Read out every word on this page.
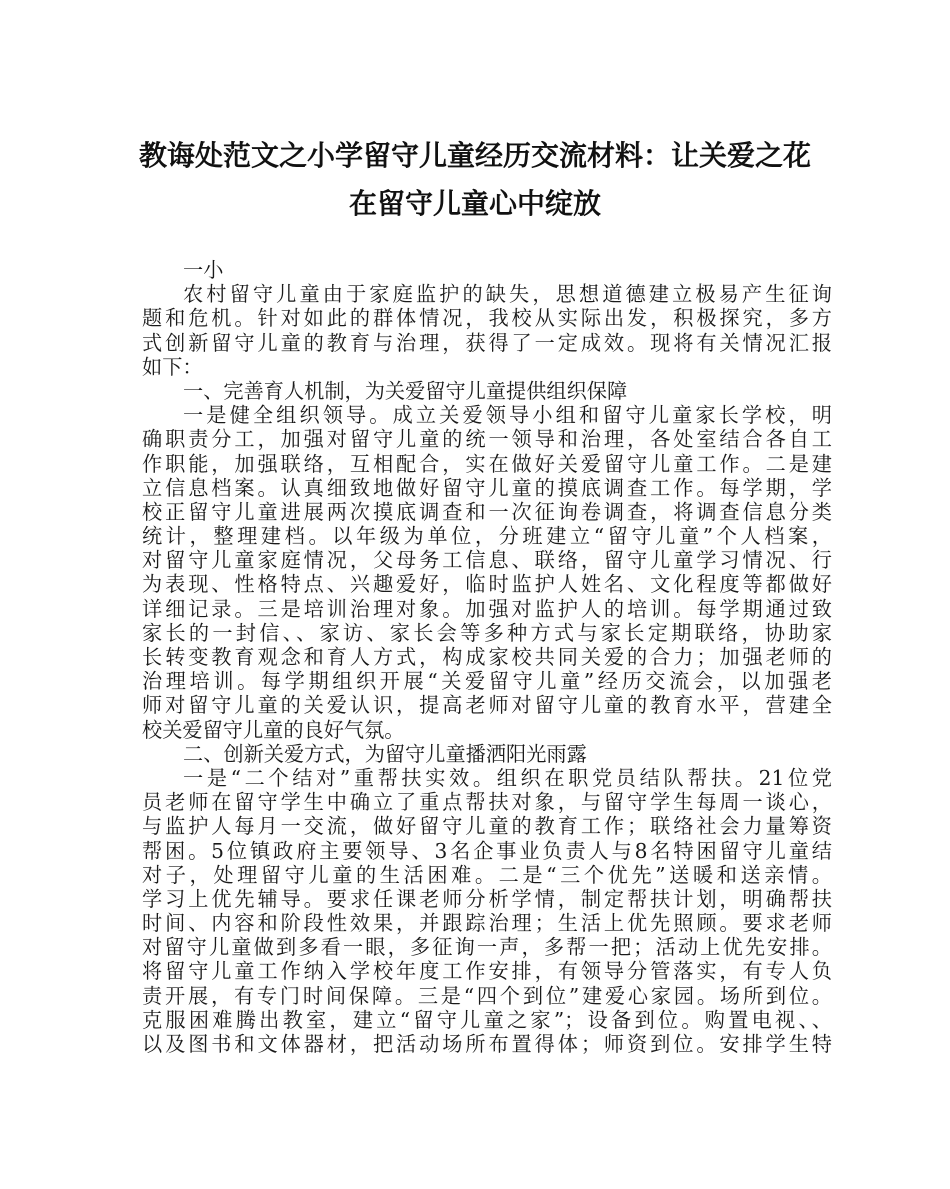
教诲处范文之小学留守儿童经历交流材料：让关爱之花
在留守儿童心中绽放
一小
农村留守儿童由于家庭监护的缺失，思想道德建立极易产生征询
题和危机。针对如此的群体情况，我校从实际出发，积极探究，多方
式创新留守儿童的教育与治理，获得了一定成效。现将有关情况汇报
如下：
一、完善育人机制，为关爱留守儿童提供组织保障
一是健全组织领导。成立关爱领导小组和留守儿童家长学校，明
确职责分工，加强对留守儿童的统一领导和治理，各处室结合各自工
作职能，加强联络，互相配合，实在做好关爱留守儿童工作。二是建
立信息档案。认真细致地做好留守儿童的摸底调查工作。每学期，学
校正留守儿童进展两次摸底调查和一次征询卷调查，将调查信息分类
统计，整理建档。以年级为单位，分班建立“留守儿童”个人档案，
对留守儿童家庭情况，父母务工信息、联络，留守儿童学习情况、行
为表现、性格特点、兴趣爱好，临时监护人姓名、文化程度等都做好
详细记录。三是培训治理对象。加强对监护人的培训。每学期通过致
家长的一封信、、家访、家长会等多种方式与家长定期联络，协助家
长转变教育观念和育人方式，构成家校共同关爱的合力；加强老师的
治理培训。每学期组织开展“关爱留守儿童”经历交流会，以加强老
师对留守儿童的关爱认识，提高老师对留守儿童的教育水平，营建全
校关爱留守儿童的良好气氛。
二、创新关爱方式，为留守儿童播洒阳光雨露
一是“二个结对”重帮扶实效。组织在职党员结队帮扶。21位党
员老师在留守学生中确立了重点帮扶对象，与留守学生每周一谈心，
与监护人每月一交流，做好留守儿童的教育工作；联络社会力量筹资
帮困。5位镇政府主要领导、3名企事业负责人与8名特困留守儿童结
对子，处理留守儿童的生活困难。二是“三个优先”送暖和送亲情。
学习上优先辅导。要求任课老师分析学情，制定帮扶计划，明确帮扶
时间、内容和阶段性效果，并跟踪治理；生活上优先照顾。要求老师
对留守儿童做到多看一眼，多征询一声，多帮一把；活动上优先安排。
将留守儿童工作纳入学校年度工作安排，有领导分管落实，有专人负
责开展，有专门时间保障。三是“四个到位”建爱心家园。场所到位。
克服困难腾出教室，建立“留守儿童之家”；设备到位。购置电视、、
以及图书和文体器材，把活动场所布置得体；师资到位。安排学生特
